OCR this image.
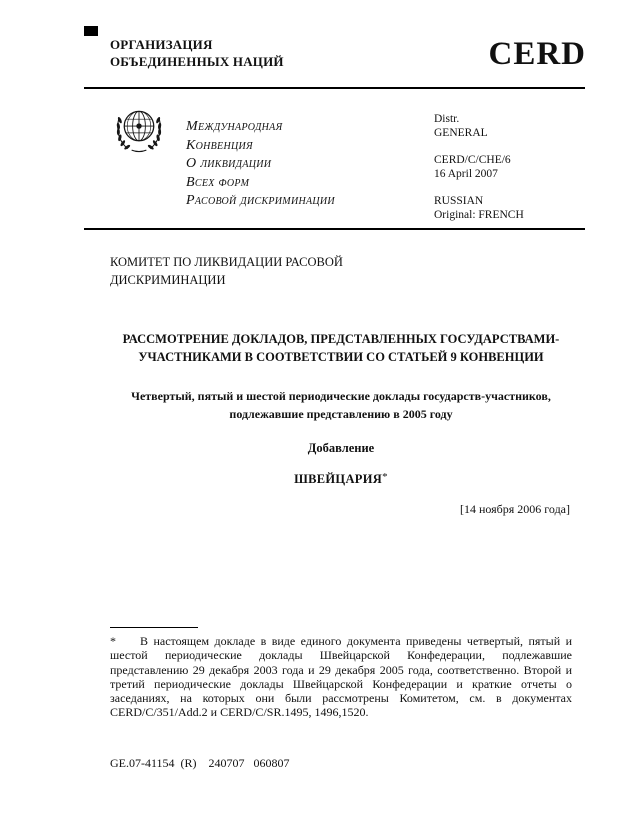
ОРГАНИЗАЦИЯ
ОБЪЕДИНЕННЫХ НАЦИЙ	CERD
Международная
Конвенция
О ликвидации
Всех форм
Расовой дискриминации
Distr.
GENERAL
CERD/C/CHE/6
16 April 2007
RUSSIAN
Original: FRENCH
КОМИТЕТ ПО ЛИКВИДАЦИИ РАСОВОЙ
ДИСКРИМИНАЦИИ
РАССМОТРЕНИЕ ДОКЛАДОВ, ПРЕДСТАВЛЕННЫХ ГОСУДАРСТВАМИ-
УЧАСТНИКАМИ В СООТВЕТСТВИИ СО СТАТЬЕЙ 9 КОНВЕНЦИИ
Четвертый, пятый и шестой периодические доклады государств-участников,
подлежавшие представлению в 2005 году
Добавление
ШВЕЙЦАРИЯ*
[14 ноября 2006 года]

* В настоящем докладе в виде единого документа приведены четвертый, пятый и шестой периодические доклады Швейцарской Конфедерации, подлежавшие представлению 29 декабря 2003 года и 29 декабря 2005 года, соответственно. Второй и третий периодические доклады Швейцарской Конфедерации и краткие отчеты о заседаниях, на которых они были рассмотрены Комитетом, см. в документах CERD/C/351/Add.2 и CERD/C/SR.1495, 1496,1520.

GE.07-41154  (R)    240707   060807
